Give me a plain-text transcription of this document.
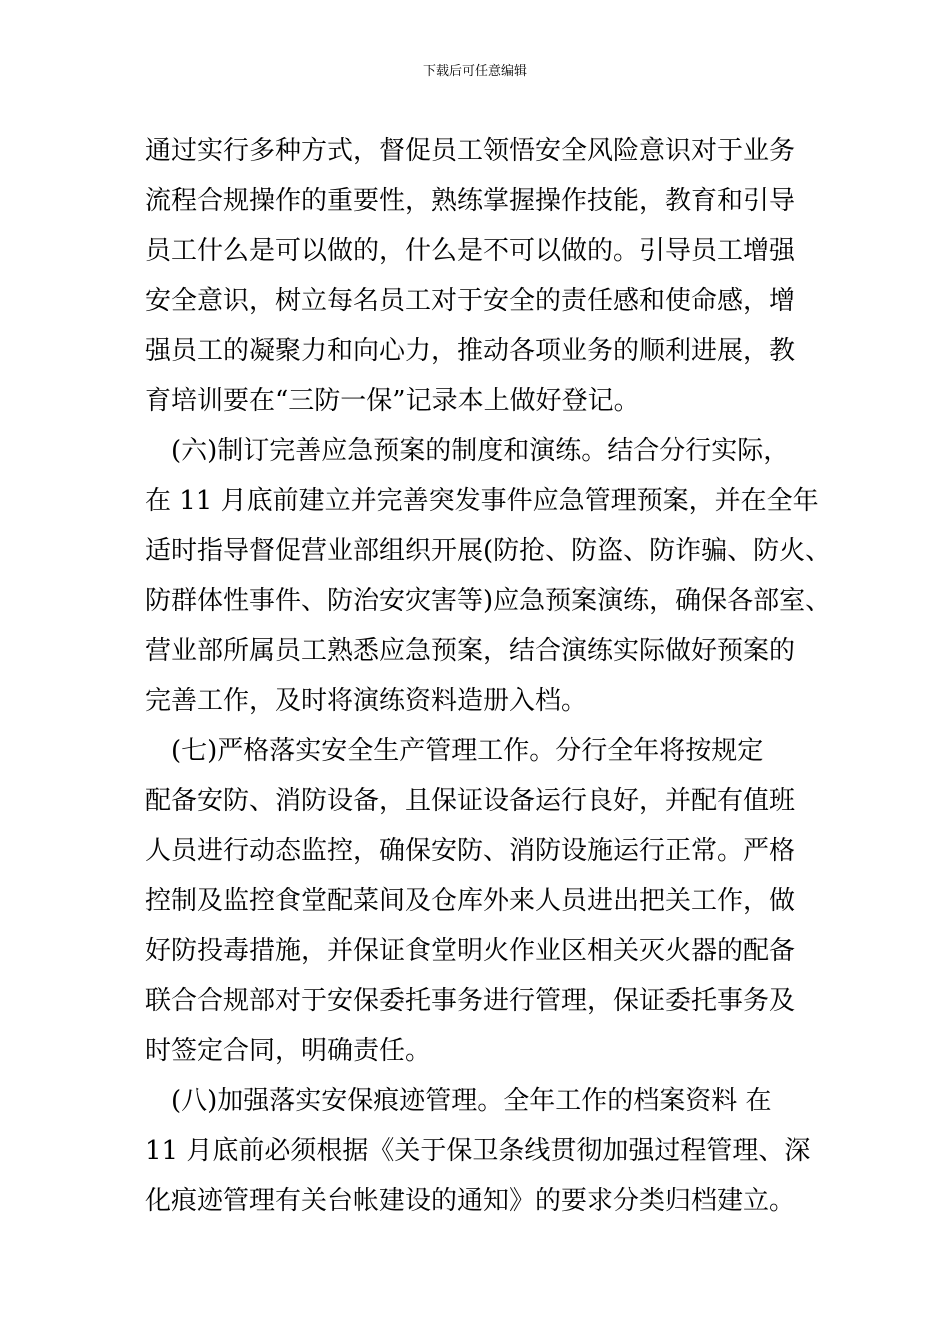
下载后可任意编辑
通过实行多种方式，督促员工领悟安全风险意识对于业务
流程合规操作的重要性，熟练掌握操作技能，教育和引导
员工什么是可以做的，什么是不可以做的。引导员工增强
安全意识，树立每名员工对于安全的责任感和使命感，增
强员工的凝聚力和向心力，推动各项业务的顺利进展，教
育培训要在“三防一保”记录本上做好登记。
　(六)制订完善应急预案的制度和演练。结合分行实际，
在 11 月底前建立并完善突发事件应急管理预案，并在全年
适时指导督促营业部组织开展(防抢、防盗、防诈骗、防火、
防群体性事件、防治安灾害等)应急预案演练，确保各部室、
营业部所属员工熟悉应急预案，结合演练实际做好预案的
完善工作，及时将演练资料造册入档。
　(七)严格落实安全生产管理工作。分行全年将按规定
配备安防、消防设备，且保证设备运行良好，并配有值班
人员进行动态监控，确保安防、消防设施运行正常。严格
控制及监控食堂配菜间及仓库外来人员进出把关工作，做
好防投毒措施，并保证食堂明火作业区相关灭火器的配备
联合合规部对于安保委托事务进行管理，保证委托事务及
时签定合同，明确责任。
　(八)加强落实安保痕迹管理。全年工作的档案资料 在
11 月底前必须根据《关于保卫条线贯彻加强过程管理、深
化痕迹管理有关台帐建设的通知》的要求分类归档建立。
